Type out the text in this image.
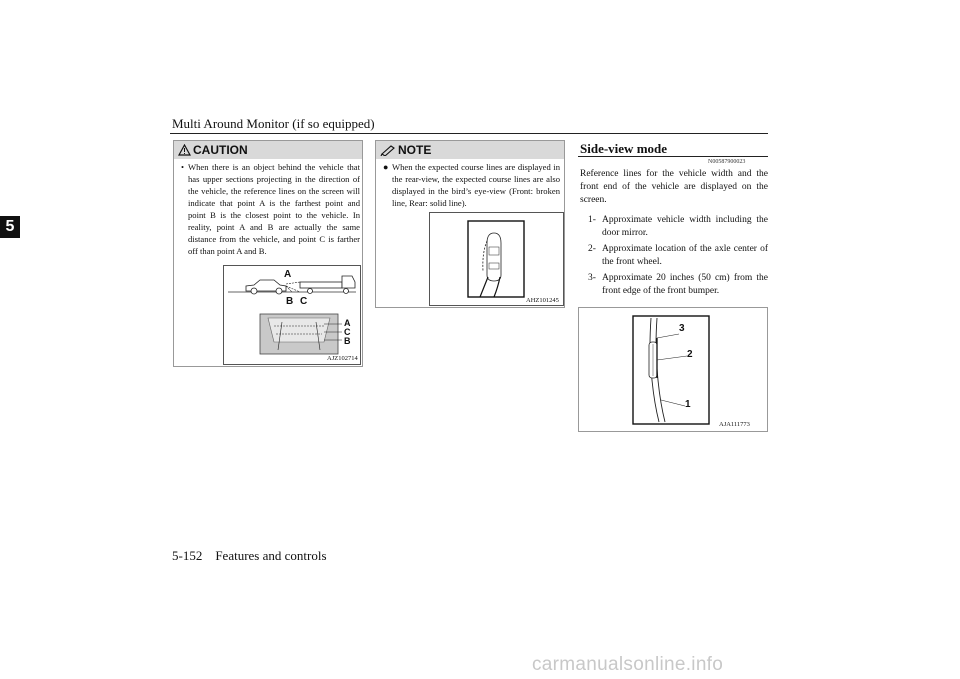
Multi Around Monitor (if so equipped)
5
CAUTION
• When there is an object behind the vehicle that has upper sections projecting in the direction of the vehicle, the reference lines on the screen will indicate that point A is the farthest point and point B is the closest point to the vehicle. In reality, point A and B are actually the same distance from the vehicle, and point C is farther off than point A and B.
A
B C
A
C
B
AJZ102714
NOTE
● When the expected course lines are displayed in the rear-view, the expected course lines are also displayed in the bird’s eye-view (Front: broken line, Rear: solid line).
AHZ101245
Side-view mode
N00587900023
Reference lines for the vehicle width and the front end of the vehicle are displayed on the screen.
1- Approximate vehicle width including the door mirror.
2- Approximate location of the axle center of the front wheel.
3- Approximate 20 inches (50 cm) from the front edge of the front bumper.
3
2
1
AJA111773
5-152    Features and controls
carmanualsonline.info
